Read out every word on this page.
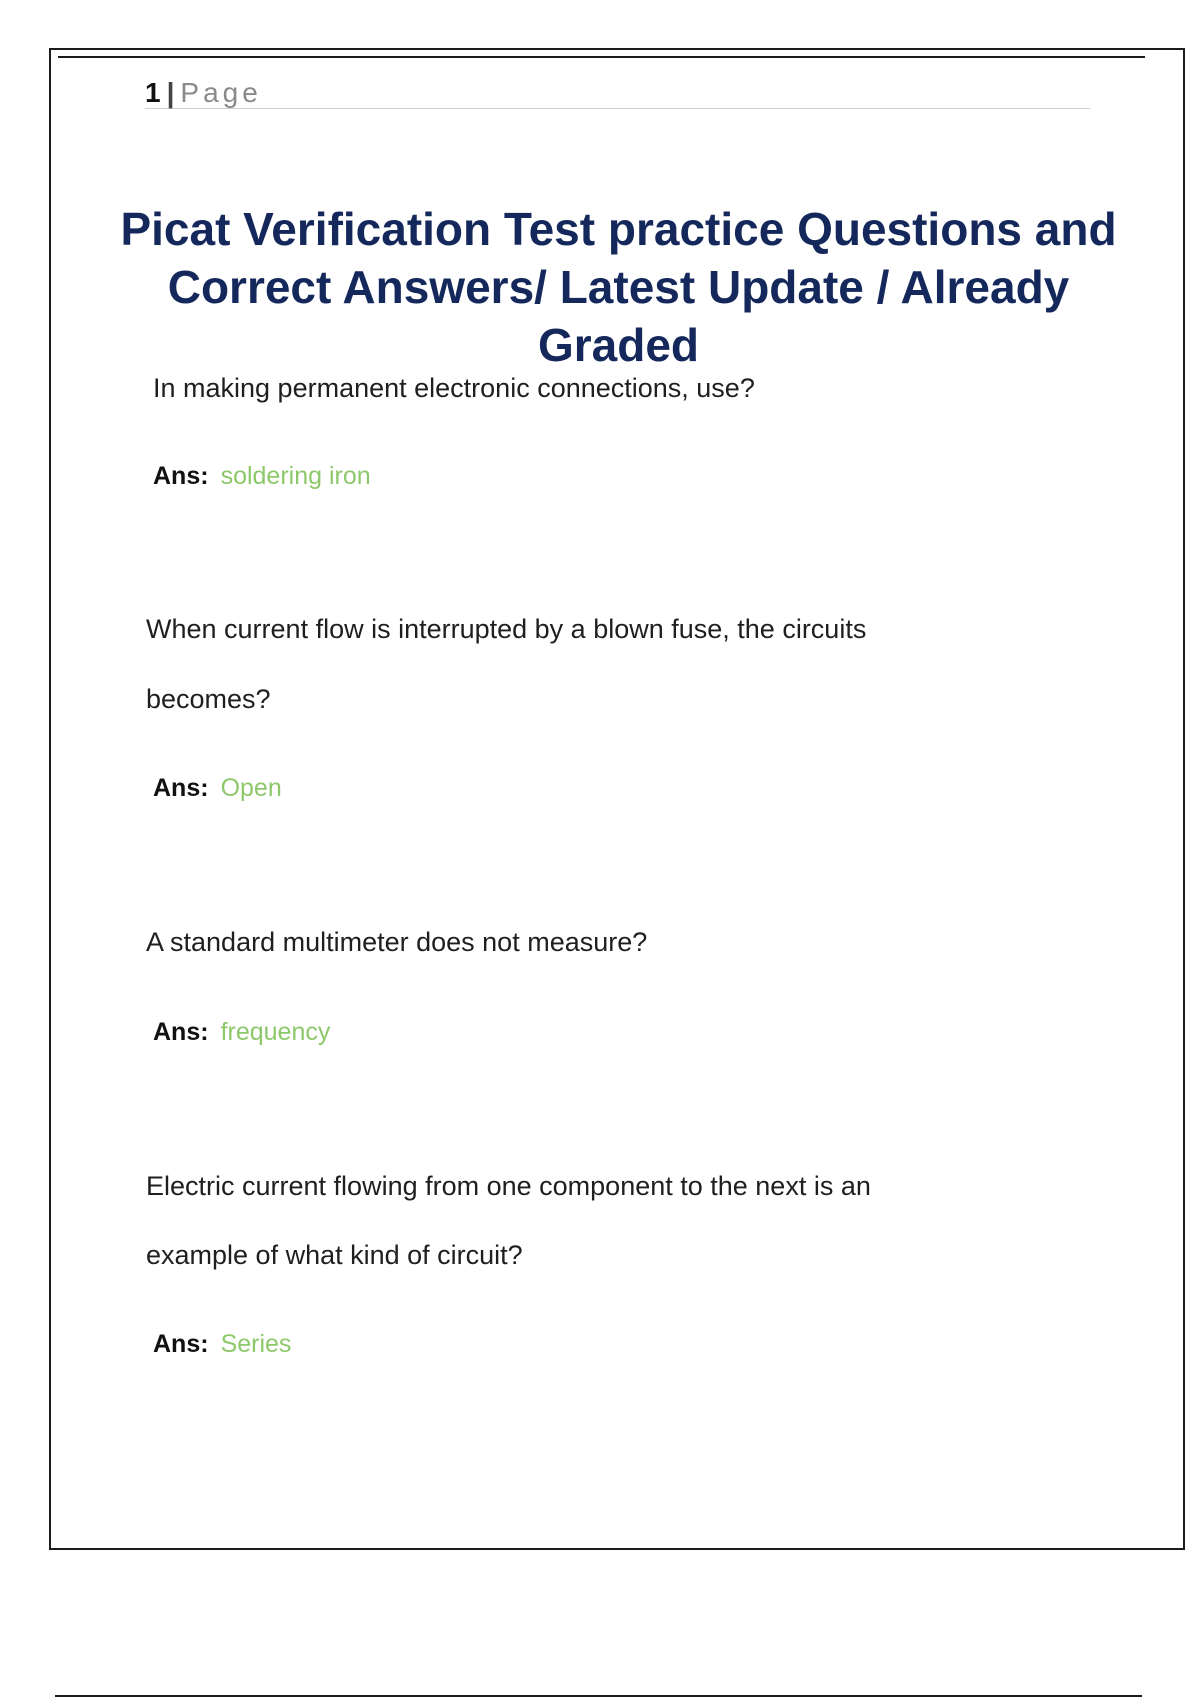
1 | Page
Picat Verification Test practice Questions and Correct Answers/ Latest Update / Already Graded

In making permanent electronic connections, use?

Ans: soldering iron

When current flow is interrupted by a blown fuse, the circuits

becomes?

Ans: Open

A standard multimeter does not measure?

Ans: frequency

Electric current flowing from one component to the next is an

example of what kind of circuit?

Ans: Series
